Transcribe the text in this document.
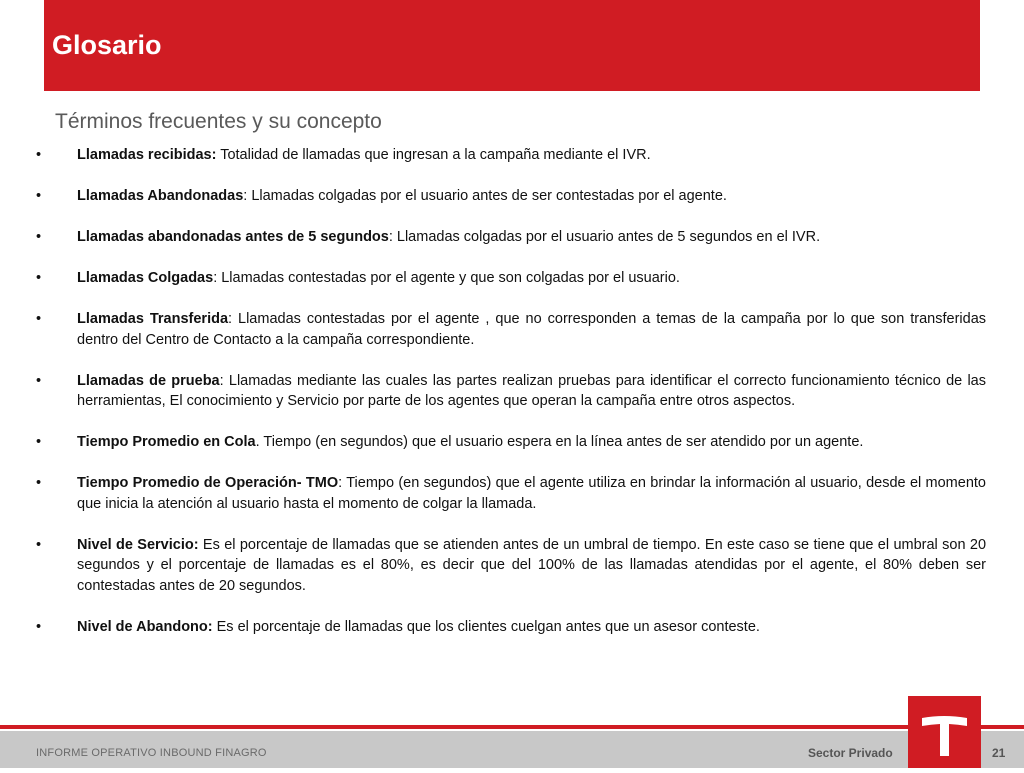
Glosario
Términos frecuentes y su concepto
• Llamadas recibidas: Totalidad de llamadas que ingresan a la campaña mediante el IVR.
• Llamadas Abandonadas: Llamadas colgadas por el usuario antes de ser contestadas por el agente.
• Llamadas abandonadas antes de 5 segundos: Llamadas colgadas por el usuario antes de 5 segundos en el IVR.
• Llamadas Colgadas: Llamadas contestadas por el agente y que son colgadas por el usuario.
• Llamadas Transferida: Llamadas contestadas por el agente , que no corresponden a temas de la campaña por lo que son transferidas dentro del Centro de Contacto a la campaña correspondiente.
• Llamadas de prueba: Llamadas mediante las cuales las partes realizan pruebas para identificar el correcto funcionamiento técnico de las herramientas, El conocimiento y Servicio por parte de los agentes que operan la campaña entre otros aspectos.
• Tiempo Promedio en Cola. Tiempo (en segundos) que el usuario espera en la línea antes de ser atendido por un agente.
• Tiempo Promedio de Operación- TMO: Tiempo (en segundos) que el agente utiliza en brindar la información al usuario, desde el momento que inicia la atención al usuario hasta el momento de colgar la llamada.
• Nivel de Servicio: Es el porcentaje de llamadas que se atienden antes de un umbral de tiempo. En este caso se tiene que el umbral son 20 segundos y el porcentaje de llamadas es el 80%, es decir que del 100% de las llamadas atendidas por el agente, el 80% deben ser contestadas antes de 20 segundos.
• Nivel de Abandono: Es el porcentaje de llamadas que los clientes cuelgan antes que un asesor conteste.
INFORME OPERATIVO INBOUND FINAGRO	Sector Privado	21
